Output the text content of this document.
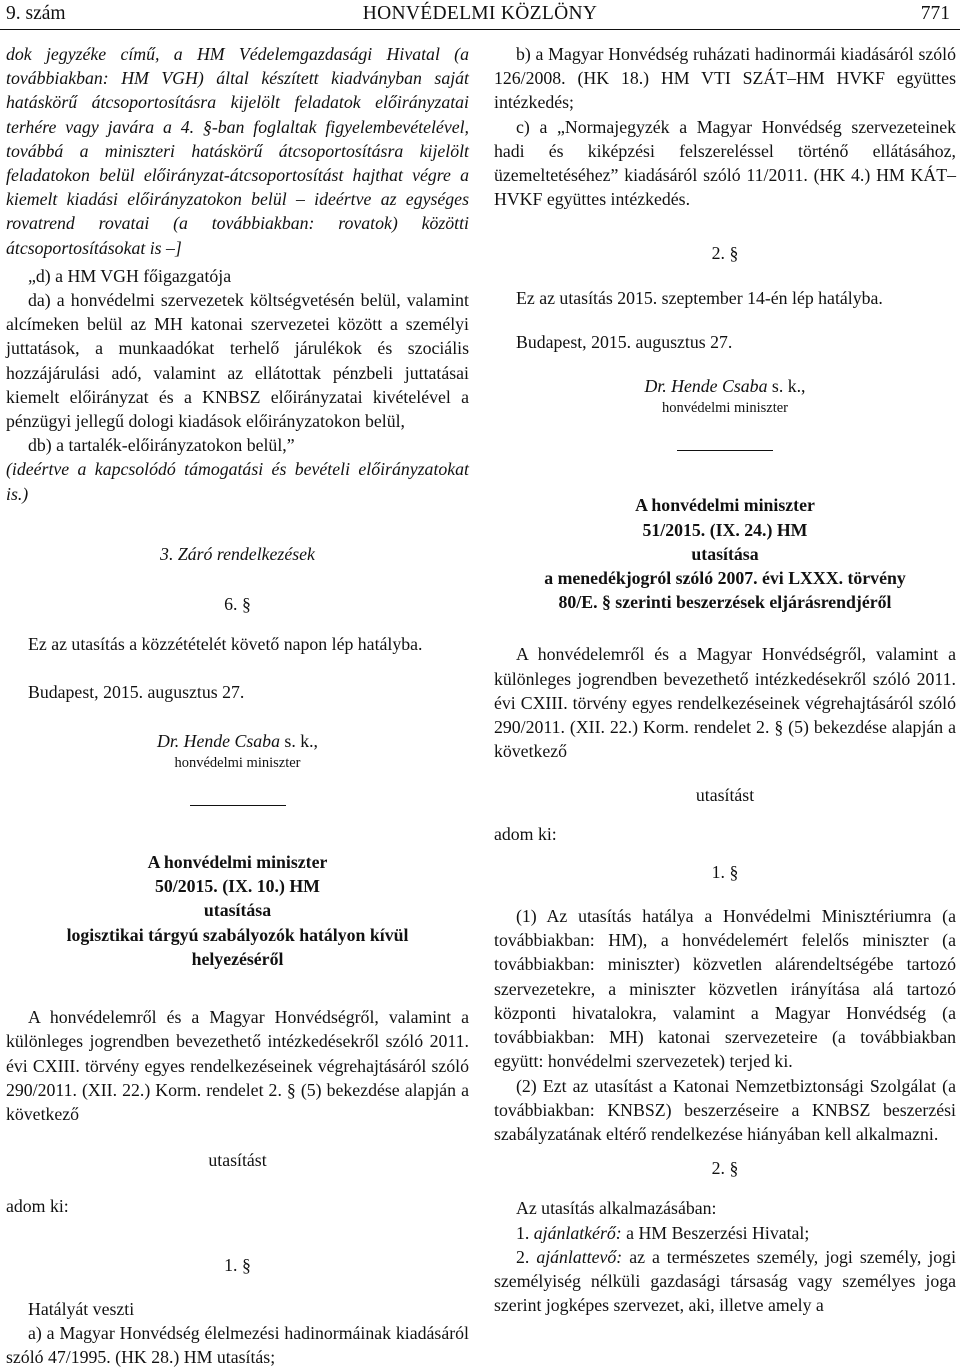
9. szám	HONVÉDELMI KÖZLÖNY	771

dok jegyzéke című, a HM Védelemgazdasági Hivatal (a továbbiakban: HM VGH) által készített kiadványban saját hatáskörű átcsoportosításra kijelölt feladatok előirányzatai terhére vagy javára a 4. §-ban foglaltak figyelembevételével, továbbá a miniszteri hatáskörű átcsoportosításra kijelölt feladatokon belül előirányzat-átcsoportosítást hajthat végre a kiemelt kiadási előirányzatokon belül – ideértve az egységes rovatrend rovatai (a továbbiakban: rovatok) közötti átcsoportosításokat is –]

„d) a HM VGH főigazgatója

da) a honvédelmi szervezetek költségvetésén belül, valamint alcímeken belül az MH katonai szervezetei között a személyi juttatások, a munkaadókat terhelő járulékok és szociális hozzájárulási adó, valamint az ellátottak pénzbeli juttatásai kiemelt előirányzat és a KNBSZ előirányzatai kivételével a pénzügyi jellegű dologi kiadások előirányzatokon belül,

db) a tartalék-előirányzatokon belül,”

(ideértve a kapcsolódó támogatási és bevételi előirányzatokat is.)

3. Záró rendelkezések

6. §

Ez az utasítás a közzétételét követő napon lép hatályba.

Budapest, 2015. augusztus 27.

Dr. Hende Csaba s. k.,

honvédelmi miniszter

A honvédelmi miniszter

50/2015. (IX. 10.) HM

utasítása

logisztikai tárgyú szabályozók hatályon kívül

helyezéséről

A honvédelemről és a Magyar Honvédségről, valamint a különleges jogrendben bevezethető intézkedésekről szóló 2011. évi CXIII. törvény egyes rendelkezéseinek végrehajtásáról szóló 290/2011. (XII. 22.) Korm. rendelet 2. § (5) bekezdése alapján a következő

utasítást

adom ki:

1. §

Hatályát veszti

a) a Magyar Honvédség élelmezési hadinormáinak kiadásáról szóló 47/1995. (HK 28.) HM utasítás;

b) a Magyar Honvédség ruházati hadinormái kiadásáról szóló 126/2008. (HK 18.) HM VTI SZÁT–HM HVKF együttes intézkedés;

c) a „Normajegyzék a Magyar Honvédség szervezeteinek hadi és kiképzési felszereléssel történő ellátásához, üzemeltetéséhez” kiadásáról szóló 11/2011. (HK 4.) HM KÁT–HVKF együttes intézkedés.

2. §

Ez az utasítás 2015. szeptember 14-én lép hatályba.

Budapest, 2015. augusztus 27.

Dr. Hende Csaba s. k.,

honvédelmi miniszter

A honvédelmi miniszter

51/2015. (IX. 24.) HM

utasítása

a menedékjogról szóló 2007. évi LXXX. törvény

80/E. § szerinti beszerzések eljárásrendjéről

A honvédelemről és a Magyar Honvédségről, valamint a különleges jogrendben bevezethető intézkedésekről szóló 2011. évi CXIII. törvény egyes rendelkezéseinek végrehajtásáról szóló 290/2011. (XII. 22.) Korm. rendelet 2. § (5) bekezdése alapján a következő

utasítást

adom ki:

1. §

(1) Az utasítás hatálya a Honvédelmi Minisztériumra (a továbbiakban: HM), a honvédelemért felelős miniszter (a továbbiakban: miniszter) közvetlen alárendeltségébe tartozó szervezetekre, a miniszter közvetlen irányítása alá tartozó központi hivatalokra, valamint a Magyar Honvédség (a továbbiakban: MH) katonai szervezeteire (a továbbiakban együtt: honvédelmi szervezetek) terjed ki.

(2) Ezt az utasítást a Katonai Nemzetbiztonsági Szolgálat (a továbbiakban: KNBSZ) beszerzéseire a KNBSZ beszerzési szabályzatának eltérő rendelkezése hiányában kell alkalmazni.

2. §

Az utasítás alkalmazásában:

1. ajánlatkérő: a HM Beszerzési Hivatal;

2. ajánlattevő: az a természetes személy, jogi személy, jogi személyiség nélküli gazdasági társaság vagy személyes joga szerint jogképes szervezet, aki, illetve amely a
